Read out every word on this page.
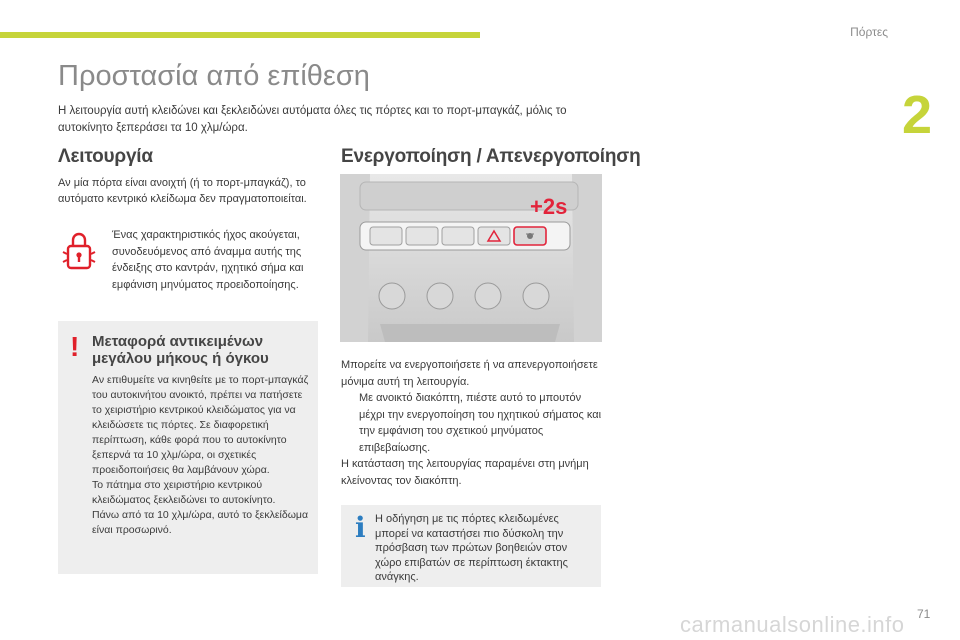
Πόρτες
2
Προστασία από επίθεση
Η λειτουργία αυτή κλειδώνει και ξεκλειδώνει αυτόματα όλες τις πόρτες και το πορτ-μπαγκάζ, μόλις το αυτοκίνητο ξεπεράσει τα 10 χλμ/ώρα.
Λειτουργία
Αν μία πόρτα είναι ανοιχτή (ή το πορτ-μπαγκάζ), το αυτόματο κεντρικό κλείδωμα δεν πραγματοποιείται.
Ένας χαρακτηριστικός ήχος ακούγεται, συνοδευόμενος από άναμμα αυτής της ένδειξης στο καντράν, ηχητικό σήμα και εμφάνιση μηνύματος προειδοποίησης.
! Μεταφορά αντικειμένων μεγάλου μήκους ή όγκου
Αν επιθυμείτε να κινηθείτε με το πορτ-μπαγκάζ του αυτοκινήτου ανοικτό, πρέπει να πατήσετε το χειριστήριο κεντρικού κλειδώματος για να κλειδώσετε τις πόρτες. Σε διαφορετική περίπτωση, κάθε φορά που το αυτοκίνητο ξεπερνά τα 10 χλμ/ώρα, οι σχετικές προειδοποιήσεις θα λαμβάνουν χώρα.
Το πάτημα στο χειριστήριο κεντρικού κλειδώματος ξεκλειδώνει το αυτοκίνητο.
Πάνω από τα 10 χλμ/ώρα, αυτό το ξεκλείδωμα είναι προσωρινό.
Ενεργοποίηση / Απενεργοποίηση
+2s
Μπορείτε να ενεργοποιήσετε ή να απενεργοποιήσετε μόνιμα αυτή τη λειτουργία.
Με ανοικτό διακόπτη, πιέστε αυτό το μπουτόν μέχρι την ενεργοποίηση του ηχητικού σήματος και την εμφάνιση του σχετικού μηνύματος επιβεβαίωσης.
Η κατάσταση της λειτουργίας παραμένει στη μνήμη κλείνοντας τον διακόπτη.
i Η οδήγηση με τις πόρτες κλειδωμένες μπορεί να καταστήσει πιο δύσκολη την πρόσβαση των πρώτων βοηθειών στον χώρο επιβατών σε περίπτωση έκτακτης ανάγκης.
carmanualsonline.info 71
